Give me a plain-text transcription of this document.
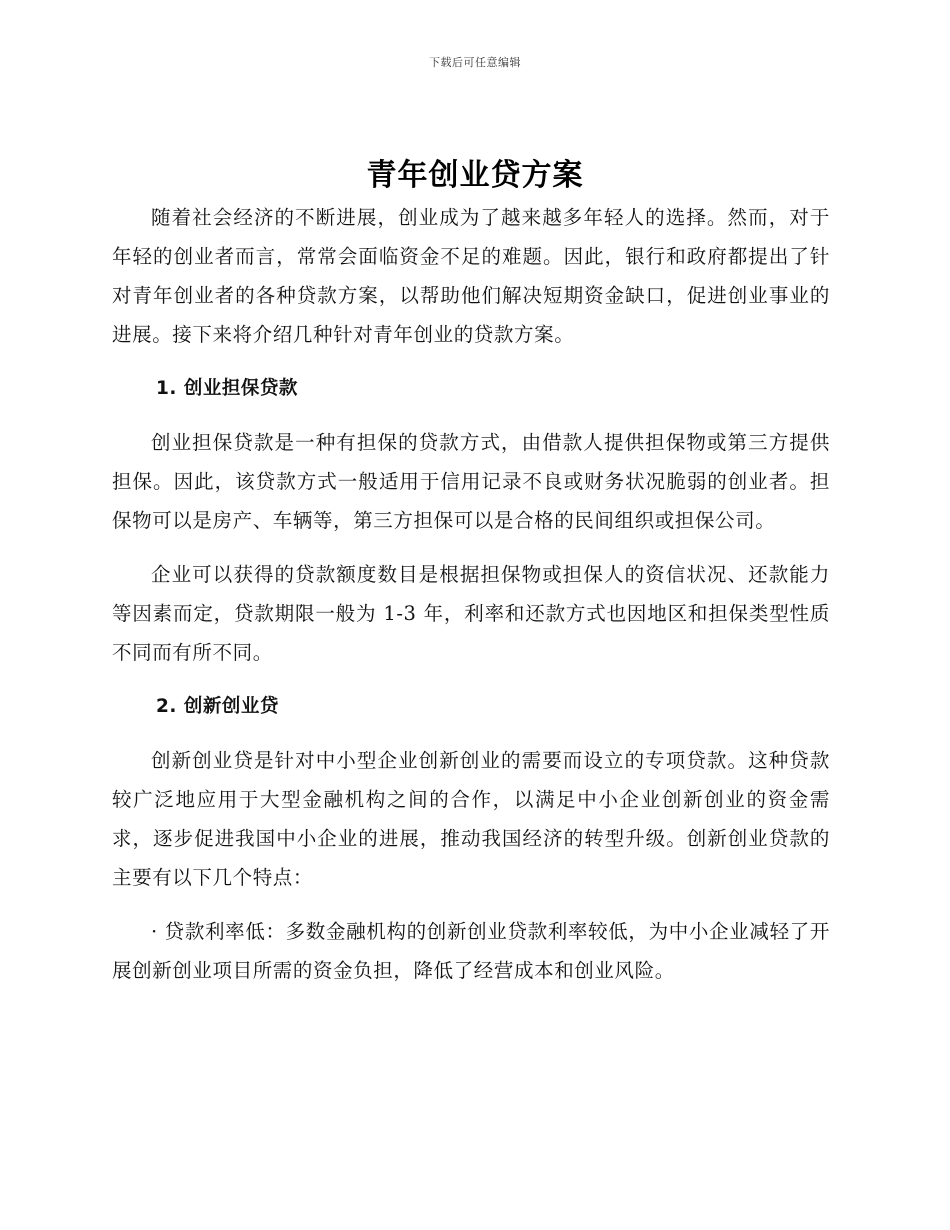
下载后可任意编辑
青年创业贷方案

随着社会经济的不断进展，创业成为了越来越多年轻人的选择。然而，对于年轻的创业者而言，常常会面临资金不足的难题。因此，银行和政府都提出了针对青年创业者的各种贷款方案，以帮助他们解决短期资金缺口，促进创业事业的进展。接下来将介绍几种针对青年创业的贷款方案。

1. 创业担保贷款

创业担保贷款是一种有担保的贷款方式，由借款人提供担保物或第三方提供担保。因此，该贷款方式一般适用于信用记录不良或财务状况脆弱的创业者。担保物可以是房产、车辆等，第三方担保可以是合格的民间组织或担保公司。

企业可以获得的贷款额度数目是根据担保物或担保人的资信状况、还款能力等因素而定，贷款期限一般为 1-3 年，利率和还款方式也因地区和担保类型性质不同而有所不同。

2. 创新创业贷

创新创业贷是针对中小型企业创新创业的需要而设立的专项贷款。这种贷款较广泛地应用于大型金融机构之间的合作，以满足中小企业创新创业的资金需求，逐步促进我国中小企业的进展，推动我国经济的转型升级。创新创业贷款的主要有以下几个特点：

· 贷款利率低：多数金融机构的创新创业贷款利率较低，为中小企业减轻了开展创新创业项目所需的资金负担，降低了经营成本和创业风险。
